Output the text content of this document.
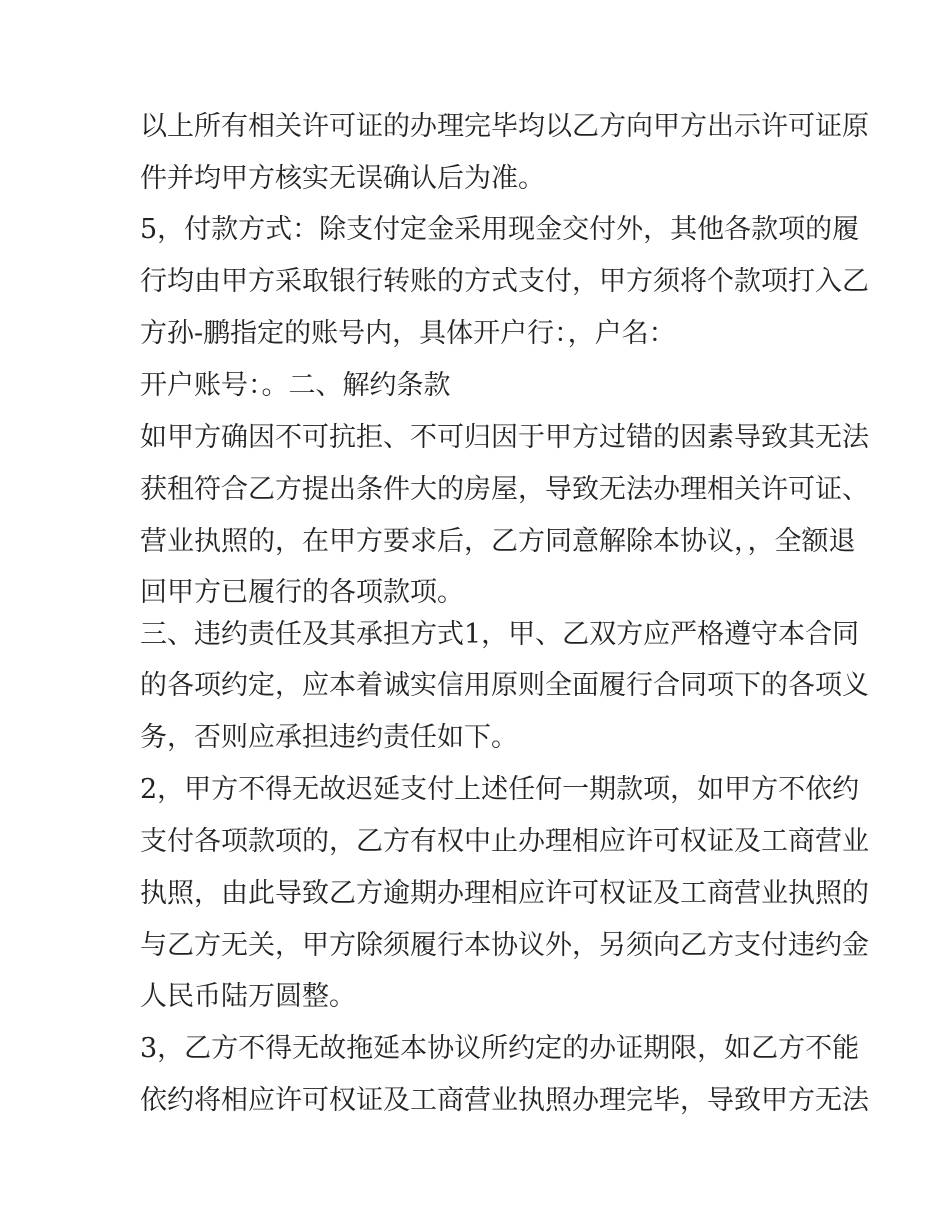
以上所有相关许可证的办理完毕均以乙方向甲方出示许可证原
件并均甲方核实无误确认后为准。
5，付款方式：除支付定金采用现金交付外，其他各款项的履
行均由甲方采取银行转账的方式支付，甲方须将个款项打入乙
方孙-鹏指定的账号内，具体开户行：，户名：
开户账号：。二、解约条款
如甲方确因不可抗拒、不可归因于甲方过错的因素导致其无法
获租符合乙方提出条件大的房屋，导致无法办理相关许可证、
营业执照的，在甲方要求后，乙方同意解除本协议，，全额退
回甲方已履行的各项款项。
三、违约责任及其承担方式1，甲、乙双方应严格遵守本合同
的各项约定，应本着诚实信用原则全面履行合同项下的各项义
务，否则应承担违约责任如下。
2，甲方不得无故迟延支付上述任何一期款项，如甲方不依约
支付各项款项的，乙方有权中止办理相应许可权证及工商营业
执照，由此导致乙方逾期办理相应许可权证及工商营业执照的
与乙方无关，甲方除须履行本协议外，另须向乙方支付违约金
人民币陆万圆整。
3，乙方不得无故拖延本协议所约定的办证期限，如乙方不能
依约将相应许可权证及工商营业执照办理完毕，导致甲方无法
